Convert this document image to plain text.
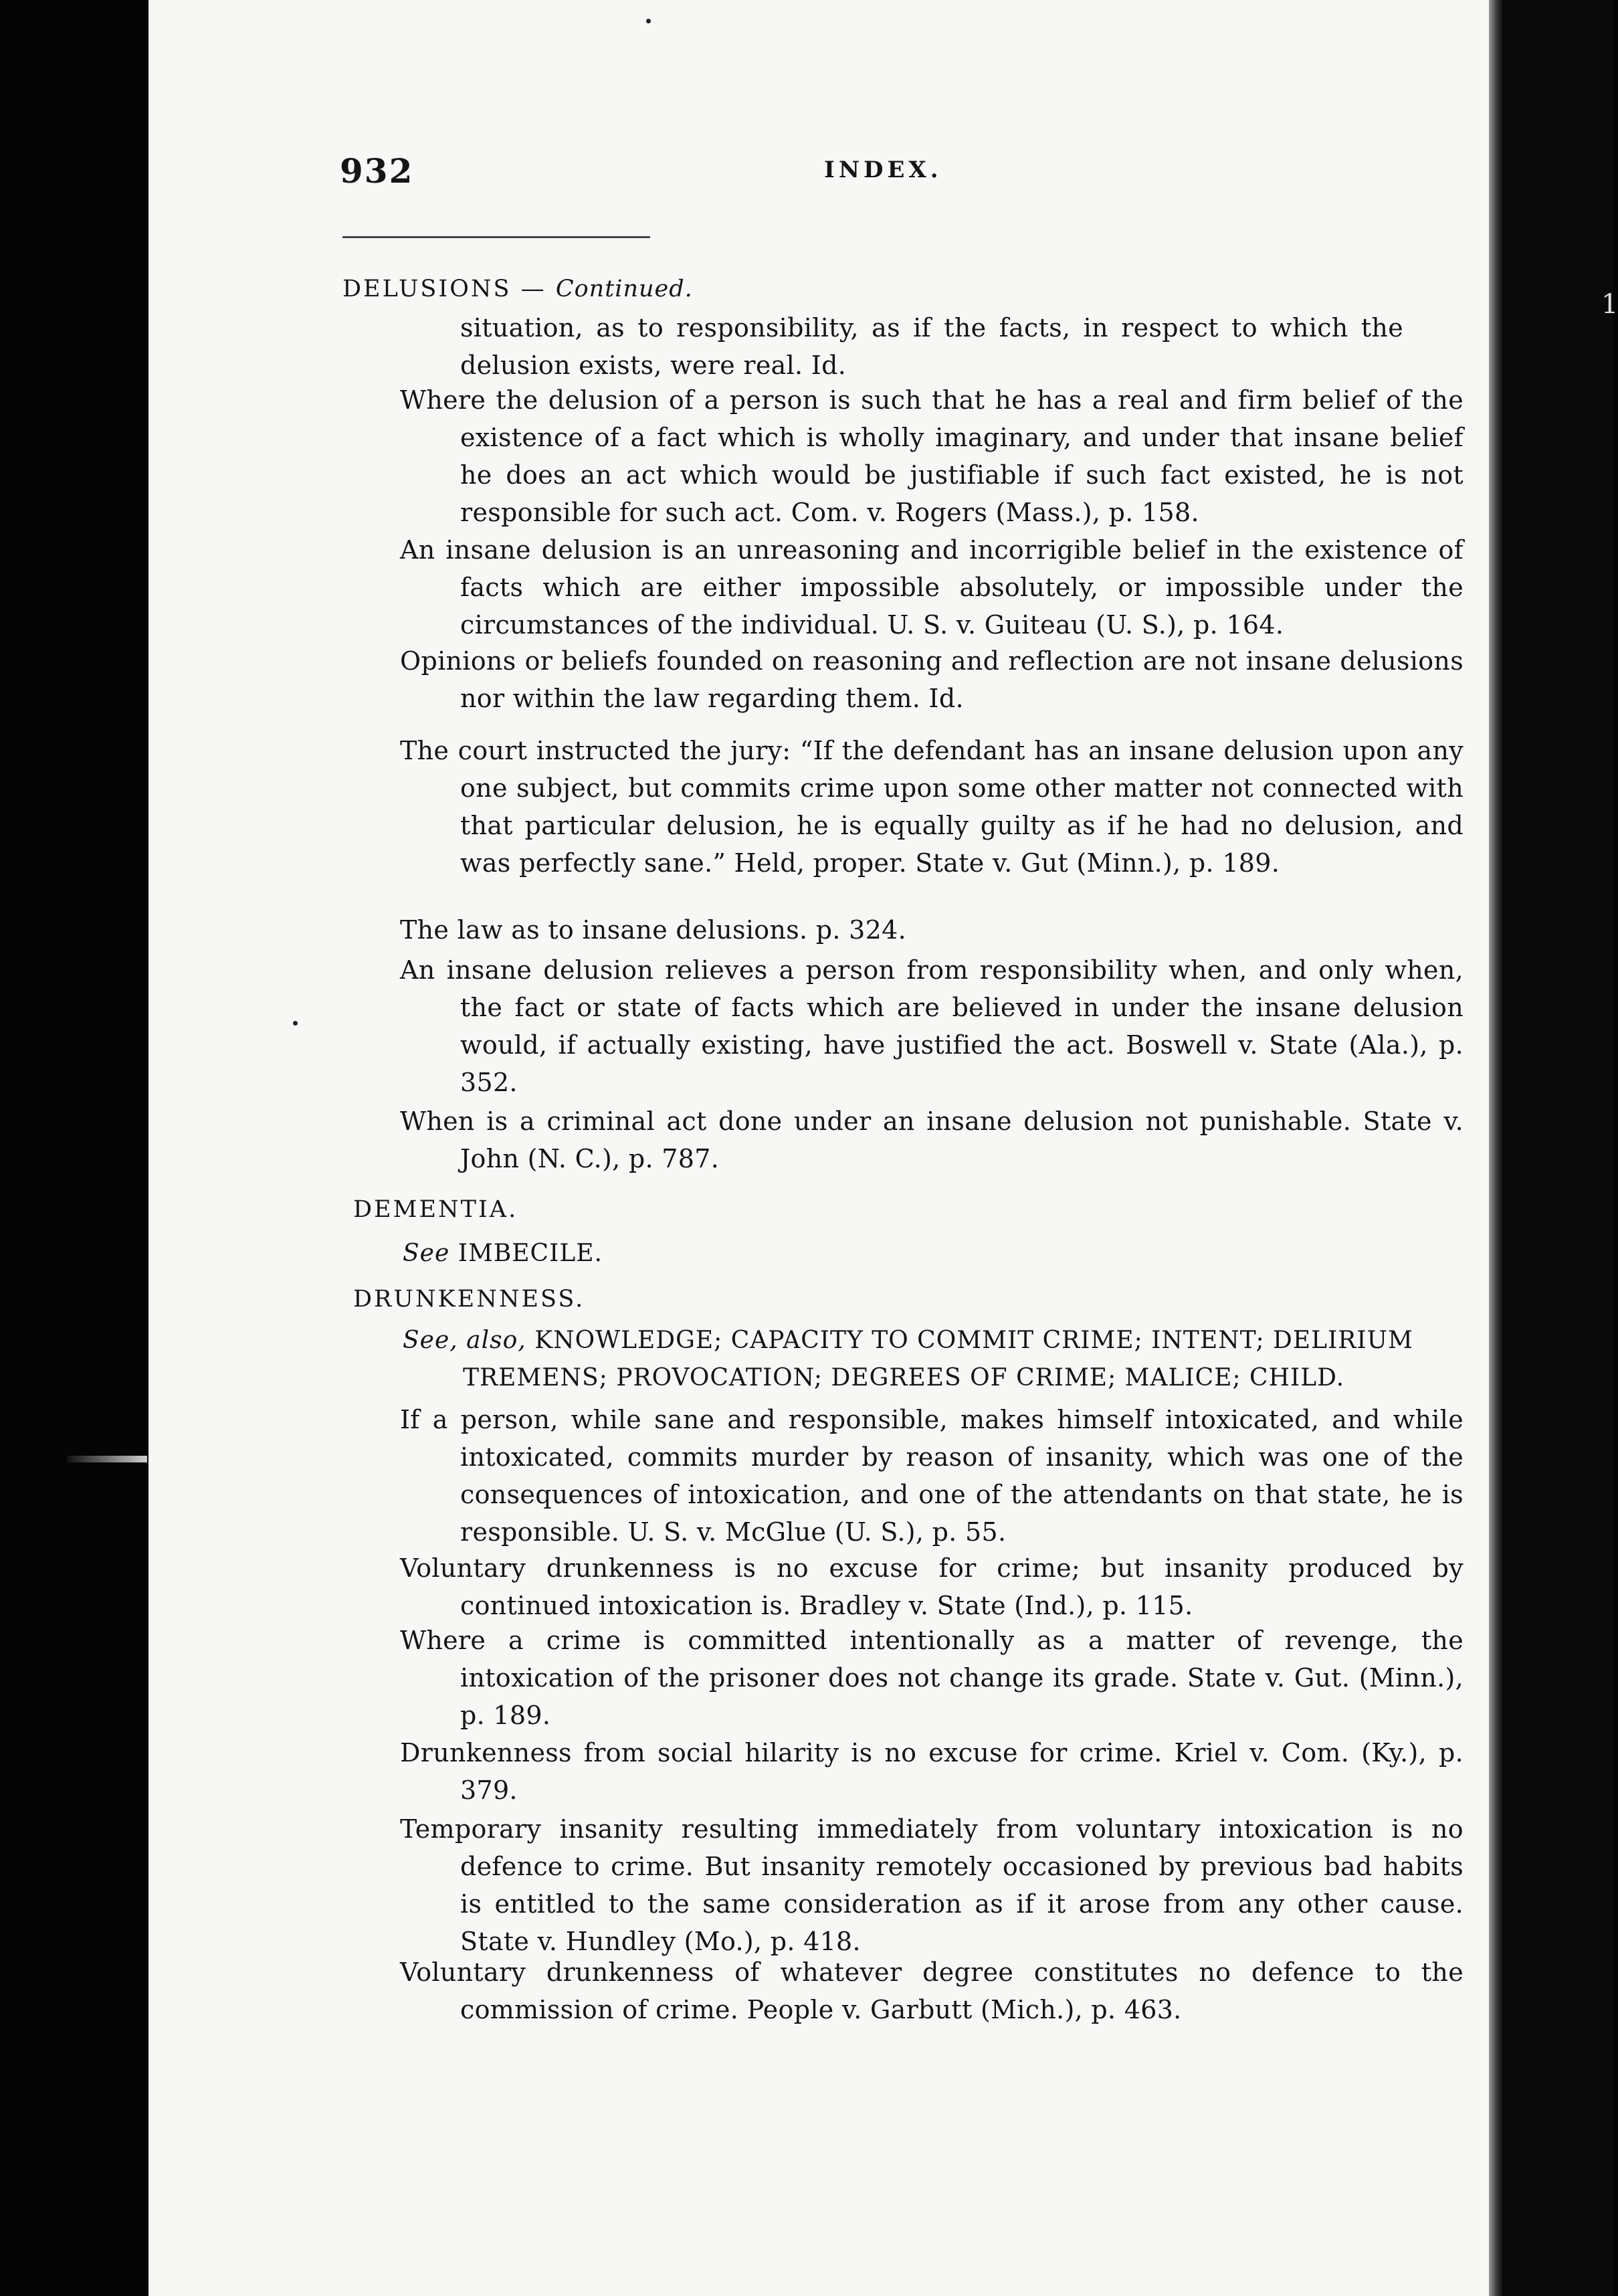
1
932	INDEX.
DELUSIONS — Continued.
situation, as to responsibility, as if the facts, in respect to which the delusion exists, were real. Id.
Where the delusion of a person is such that he has a real and firm belief of the existence of a fact which is wholly imaginary, and under that insane belief he does an act which would be justifiable if such fact existed, he is not responsible for such act. Com. v. Rogers (Mass.), p. 158.
An insane delusion is an unreasoning and incorrigible belief in the existence of facts which are either impossible absolutely, or impossible under the circumstances of the individual. U. S. v. Guiteau (U. S.), p. 164.
Opinions or beliefs founded on reasoning and reflection are not insane delusions nor within the law regarding them. Id.
The court instructed the jury: “If the defendant has an insane delusion upon any one subject, but commits crime upon some other matter not connected with that particular delusion, he is equally guilty as if he had no delusion, and was perfectly sane.” Held, proper. State v. Gut (Minn.), p. 189.
The law as to insane delusions. p. 324.
An insane delusion relieves a person from responsibility when, and only when, the fact or state of facts which are believed in under the insane delusion would, if actually existing, have justified the act. Boswell v. State (Ala.), p. 352.
When is a criminal act done under an insane delusion not punishable. State v. John (N. C.), p. 787.
DEMENTIA.
See IMBECILE.
DRUNKENNESS.
See, also, KNOWLEDGE; CAPACITY TO COMMIT CRIME; INTENT; DELIRIUM TREMENS; PROVOCATION; DEGREES OF CRIME; MALICE; CHILD.
If a person, while sane and responsible, makes himself intoxicated, and while intoxicated, commits murder by reason of insanity, which was one of the consequences of intoxication, and one of the attendants on that state, he is responsible. U. S. v. McGlue (U. S.), p. 55.
Voluntary drunkenness is no excuse for crime; but insanity produced by continued intoxication is. Bradley v. State (Ind.), p. 115.
Where a crime is committed intentionally as a matter of revenge, the intoxication of the prisoner does not change its grade. State v. Gut. (Minn.), p. 189.
Drunkenness from social hilarity is no excuse for crime. Kriel v. Com. (Ky.), p. 379.
Temporary insanity resulting immediately from voluntary intoxication is no defence to crime. But insanity remotely occasioned by previous bad habits is entitled to the same consideration as if it arose from any other cause. State v. Hundley (Mo.), p. 418.
Voluntary drunkenness of whatever degree constitutes no defence to the commission of crime. People v. Garbutt (Mich.), p. 463.
